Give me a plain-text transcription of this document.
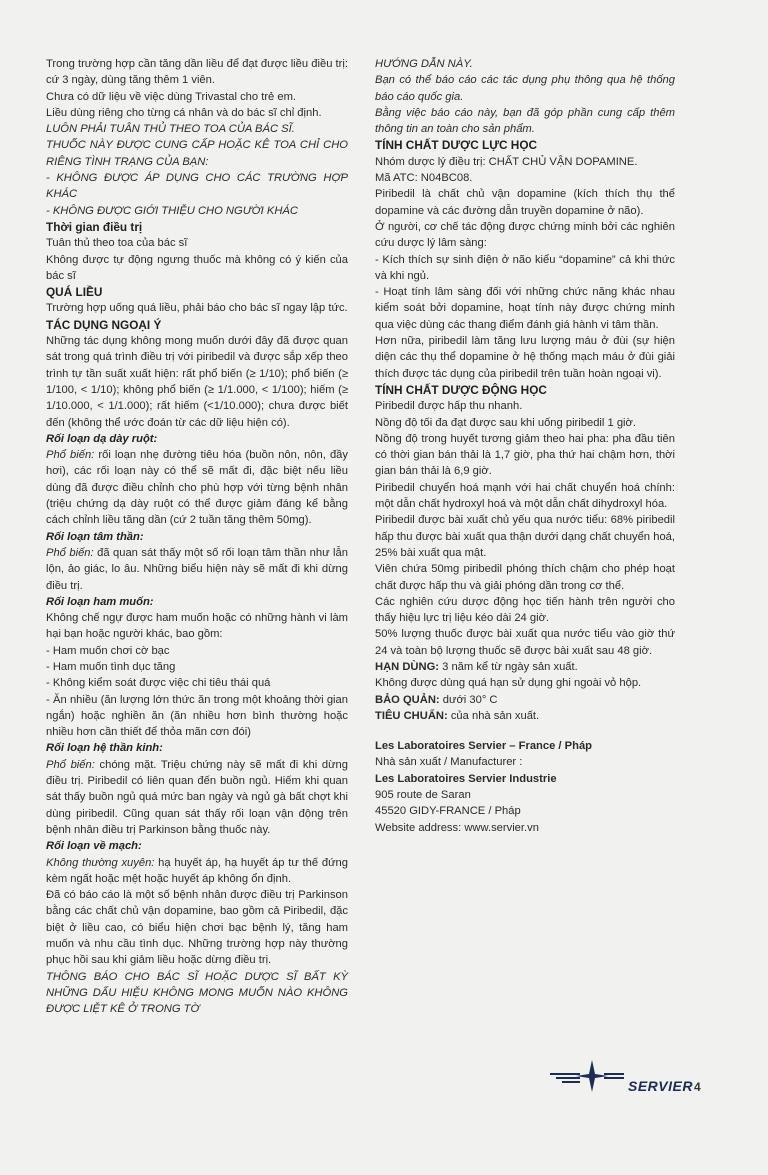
Trong trường hợp cần tăng dần liều để đạt được liều điều trị: cứ 3 ngày, dùng tăng thêm 1 viên.

Chưa có dữ liệu về việc dùng Trivastal cho trẻ em.

Liều dùng riêng cho từng cá nhân và do bác sĩ chỉ định.

LUÔN PHẢI TUÂN THỦ THEO TOA CỦA BÁC SĨ.

THUỐC NÀY ĐƯỢC CUNG CẤP HOẶC KÊ TOA CHỈ CHO RIÊNG TÌNH TRẠNG CỦA BẠN:

- KHÔNG ĐƯỢC ÁP DỤNG CHO CÁC TRƯỜNG HỢP KHÁC

- KHÔNG ĐƯỢC GIỚI THIỆU CHO NGƯỜI KHÁC

Thời gian điều trị

Tuân thủ theo toa của bác sĩ

Không được tự động ngưng thuốc mà không có ý kiến của bác sĩ

QUÁ LIỀU

Trường hợp uống quá liều, phải báo cho bác sĩ ngay lập tức.

TÁC DỤNG NGOẠI Ý

Những tác dụng không mong muốn dưới đây đã được quan sát trong quá trình điều trị với piribedil và được sắp xếp theo trình tự tần suất xuất hiện: rất phổ biến (≥ 1/10); phổ biến (≥ 1/100, < 1/10); không phổ biến (≥ 1/1.000, < 1/100); hiếm (≥ 1/10.000, < 1/1.000); rất hiếm (<1/10.000); chưa được biết đến (không thể ước đoán từ các dữ liệu hiện có).

Rối loạn dạ dày ruột:

Phổ biến: rối loạn nhẹ đường tiêu hóa (buồn nôn, nôn, đầy hơi), các rối loạn này có thể sẽ mất đi, đặc biệt nếu liều dùng đã được điều chỉnh cho phù hợp với từng bệnh nhân (triệu chứng dạ dày ruột có thể được giảm đáng kể bằng cách chỉnh liều tăng dần (cứ 2 tuần tăng thêm 50mg).

Rối loạn tâm thần:

Phổ biến: đã quan sát thấy một số rối loạn tâm thần như lẫn lộn, ảo giác, lo âu. Những biểu hiện này sẽ mất đi khi dừng điều trị.

Rối loạn ham muốn:

Không chế ngự được ham muốn hoặc có những hành vi làm hại bạn hoặc người khác, bao gồm:

- Ham muốn chơi cờ bạc

- Ham muốn tình dục tăng

- Không kiểm soát được việc chi tiêu thái quá

- Ăn nhiều (ăn lượng lớn thức ăn trong một khoảng thời gian ngắn) hoặc nghiền ăn (ăn nhiều hơn bình thường hoặc nhiều hơn cần thiết để thỏa mãn cơn đói)

Rối loạn hệ thần kinh:

Phổ biến: chóng mặt. Triệu chứng này sẽ mất đi khi dừng điều trị. Piribedil có liên quan đến buồn ngủ. Hiếm khi quan sát thấy buồn ngủ quá mức ban ngày và ngủ gà bất chợt khi dùng piribedil. Cũng quan sát thấy rối loạn vận động trên bệnh nhân điều trị Parkinson bằng thuốc này.

Rối loạn về mạch:

Không thường xuyên: hạ huyết áp, hạ huyết áp tư thế đứng kèm ngất hoặc mệt hoặc huyết áp không ổn định.

Đã có báo cáo là một số bệnh nhân được điều trị Parkinson bằng các chất chủ vận dopamine, bao gồm cả Piribedil, đặc biệt ở liều cao, có biểu hiện chơi bạc bệnh lý, tăng ham muốn và nhu cầu tình dục. Những trường hợp này thường phục hồi sau khi giảm liều hoặc dừng điều trị.

THÔNG BÁO CHO BÁC SĨ HOẶC DƯỢC SĨ BẤT KỲ NHỮNG DẤU HIỆU KHÔNG MONG MUỐN NÀO KHÔNG ĐƯỢC LIỆT KÊ Ở TRONG TỜ

HƯỚNG DẪN NÀY.

Bạn có thể báo cáo các tác dụng phụ thông qua hệ thống báo cáo quốc gia.

Bằng việc báo cáo này, bạn đã góp phần cung cấp thêm thông tin an toàn cho sản phẩm.

TÍNH CHẤT DƯỢC LỰC HỌC

Nhóm dược lý điều trị: CHẤT CHỦ VẬN DOPAMINE.

Mã ATC: N04BC08.

Piribedil là chất chủ vận dopamine (kích thích thụ thể dopamine và các đường dẫn truyền dopamine ở não).

Ở người, cơ chế tác động được chứng minh bởi các nghiên cứu dược lý lâm sàng:

- Kích thích sự sinh điện ở não kiểu “dopamine” cả khi thức và khi ngủ.

- Hoạt tính lâm sàng đối với những chức năng khác nhau kiểm soát bởi dopamine, hoạt tính này được chứng minh qua việc dùng các thang điểm đánh giá hành vi tâm thần.

Hơn nữa, piribedil làm tăng lưu lượng máu ở đùi (sự hiện diện các thụ thể dopamine ở hệ thống mạch máu ở đùi giải thích được tác dụng của piribedil trên tuần hoàn ngoại vi).

TÍNH CHẤT DƯỢC ĐỘNG HỌC

Piribedil được hấp thu nhanh.

Nồng độ tối đa đạt được sau khi uống piribedil 1 giờ.

Nồng độ trong huyết tương giảm theo hai pha: pha đầu tiên có thời gian bán thải là 1,7 giờ, pha thứ hai chậm hơn, thời gian bán thải là 6,9 giờ.

Piribedil chuyển hoá mạnh với hai chất chuyển hoá chính: một dẫn chất hydroxyl hoá và một dẫn chất dihydroxyl hóa.

Piribedil được bài xuất chủ yếu qua nước tiểu: 68% piribedil hấp thu được bài xuất qua thận dưới dạng chất chuyển hoá, 25% bài xuất qua mật.

Viên chứa 50mg piribedil phóng thích chậm cho phép hoạt chất được hấp thu và giải phóng dần trong cơ thể.

Các nghiên cứu dược động học tiến hành trên người cho thấy hiệu lực trị liệu kéo dài 24 giờ.

50% lượng thuốc được bài xuất qua nước tiểu vào giờ thứ 24 và toàn bộ lượng thuốc sẽ được bài xuất sau 48 giờ.

HẠN DÙNG: 3 năm kể từ ngày sản xuất.

Không được dùng quá hạn sử dụng ghi ngoài vỏ hộp.

BẢO QUẢN: dưới 30° C

TIÊU CHUẨN: của nhà sản xuất.

Les Laboratoires Servier – France / Pháp

Nhà sản xuất / Manufacturer :

Les Laboratoires Servier Industrie

905 route de Saran

45520 GIDY-FRANCE / Pháp

Website address: www.servier.vn

SERVIER 4
